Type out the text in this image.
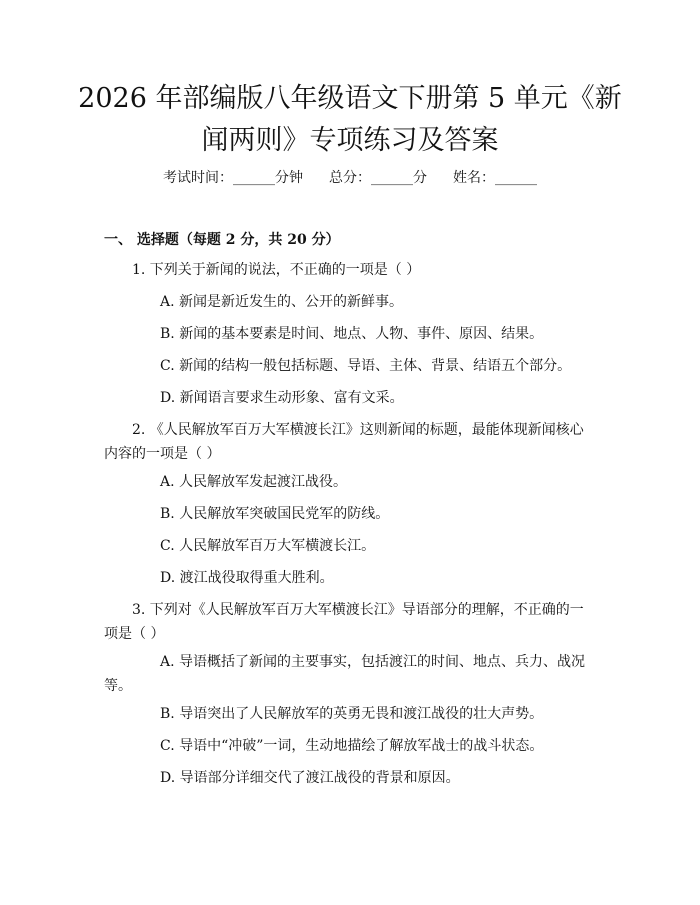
2026 年部编版八年级语文下册第 5 单元《新闻两则》专项练习及答案
考试时间：______分钟 总分：______分 姓名：______
一、 选择题（每题 2 分，共 20 分）
1. 下列关于新闻的说法，不正确的一项是（ ）
A. 新闻是新近发生的、公开的新鲜事。
B. 新闻的基本要素是时间、地点、人物、事件、原因、结果。
C. 新闻的结构一般包括标题、导语、主体、背景、结语五个部分。
D. 新闻语言要求生动形象、富有文采。
2. 《人民解放军百万大军横渡长江》这则新闻的标题，最能体现新闻核心内容的一项是（ ）
A. 人民解放军发起渡江战役。
B. 人民解放军突破国民党军的防线。
C. 人民解放军百万大军横渡长江。
D. 渡江战役取得重大胜利。
3. 下列对《人民解放军百万大军横渡长江》导语部分的理解，不正确的一项是（ ）
A. 导语概括了新闻的主要事实，包括渡江的时间、地点、兵力、战况等。
B. 导语突出了人民解放军的英勇无畏和渡江战役的壮大声势。
C. 导语中“冲破”一词，生动地描绘了解放军战士的战斗状态。
D. 导语部分详细交代了渡江战役的背景和原因。
